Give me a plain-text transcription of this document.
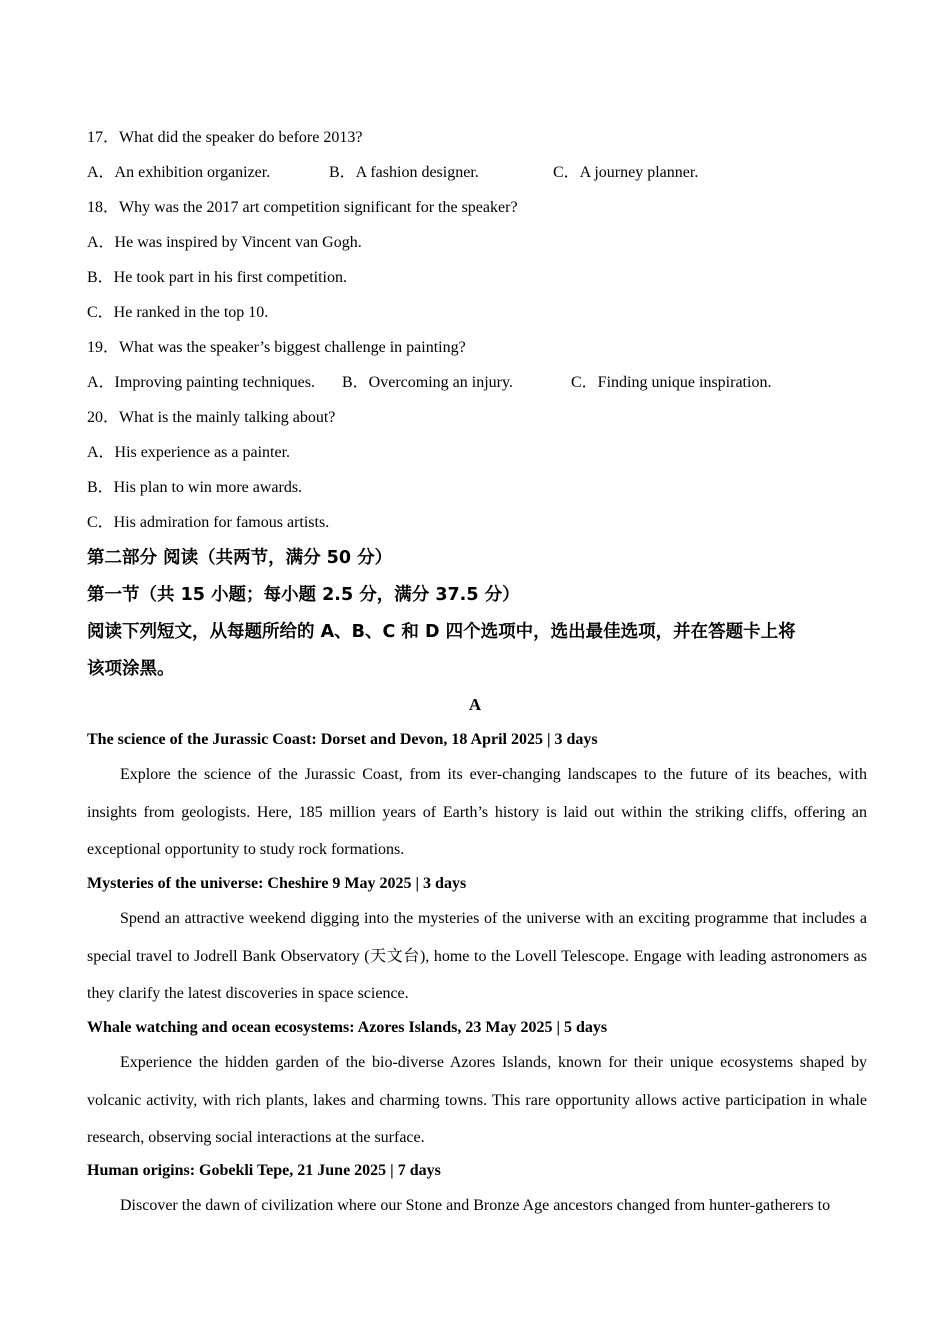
17．What did the speaker do before 2013?
A．An exhibition organizer.	B．A fashion designer.	C．A journey planner.
18．Why was the 2017 art competition significant for the speaker?
A．He was inspired by Vincent van Gogh.
B．He took part in his first competition.
C．He ranked in the top 10.
19．What was the speaker’s biggest challenge in painting?
A．Improving painting techniques. B．Overcoming an injury.	C．Finding unique inspiration.
20．What is the mainly talking about?
A．His experience as a painter.
B．His plan to win more awards.
C．His admiration for famous artists.
第二部分 阅读（共两节，满分 50 分）
第一节（共 15 小题；每小题 2.5 分，满分 37.5 分）
阅读下列短文，从每题所给的 A、B、C 和 D 四个选项中，选出最佳选项，并在答题卡上将
该项涂黑。
A
The science of the Jurassic Coast: Dorset and Devon, 18 April 2025 | 3 days
Explore the science of the Jurassic Coast, from its ever-changing landscapes to the future of its beaches, with insights from geologists. Here, 185 million years of Earth’s history is laid out within the striking cliffs, offering an exceptional opportunity to study rock formations.
Mysteries of the universe: Cheshire 9 May 2025 | 3 days
Spend an attractive weekend digging into the mysteries of the universe with an exciting programme that includes a special travel to Jodrell Bank Observatory (天文台), home to the Lovell Telescope. Engage with leading astronomers as they clarify the latest discoveries in space science.
Whale watching and ocean ecosystems: Azores Islands, 23 May 2025 | 5 days
Experience the hidden garden of the bio-diverse Azores Islands, known for their unique ecosystems shaped by volcanic activity, with rich plants, lakes and charming towns. This rare opportunity allows active participation in whale research, observing social interactions at the surface.
Human origins: Gobekli Tepe, 21 June 2025 | 7 days
Discover the dawn of civilization where our Stone and Bronze Age ancestors changed from hunter-gatherers to
